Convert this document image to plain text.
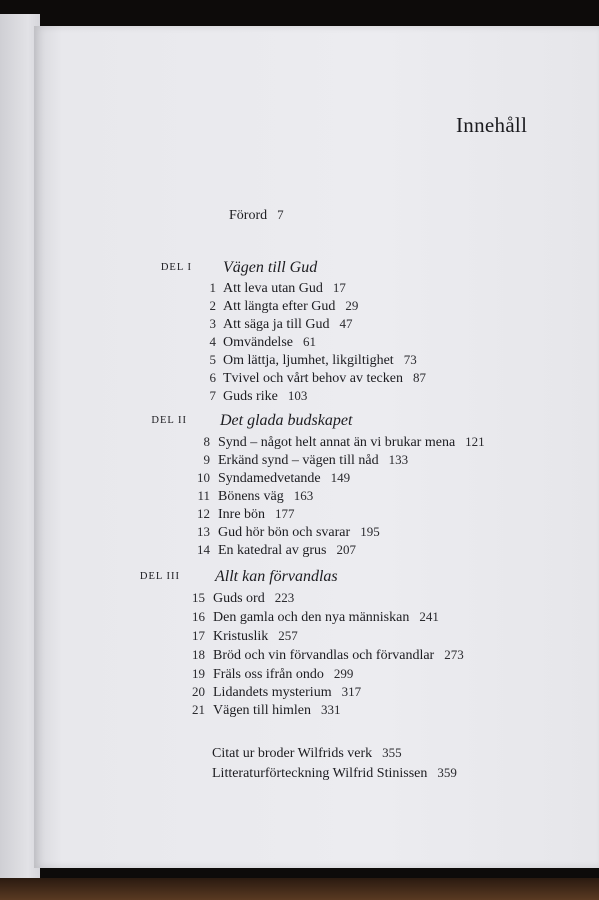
Innehåll
Förord 7
DEL I Vägen till Gud
1 Att leva utan Gud 17
2 Att längta efter Gud 29
3 Att säga ja till Gud 47
4 Omvändelse 61
5 Om lättja, ljumhet, likgiltighet 73
6 Tvivel och vårt behov av tecken 87
7 Guds rike 103
DEL II Det glada budskapet
8 Synd – något helt annat än vi brukar mena 121
9 Erkänd synd – vägen till nåd 133
10 Syndamedvetande 149
11 Bönens väg 163
12 Inre bön 177
13 Gud hör bön och svarar 195
14 En katedral av grus 207
DEL III Allt kan förvandlas
15 Guds ord 223
16 Den gamla och den nya människan 241
17 Kristuslik 257
18 Bröd och vin förvandlas och förvandlar 273
19 Fräls oss ifrån ondo 299
20 Lidandets mysterium 317
21 Vägen till himlen 331
Citat ur broder Wilfrids verk 355
Litteraturförteckning Wilfrid Stinissen 359
